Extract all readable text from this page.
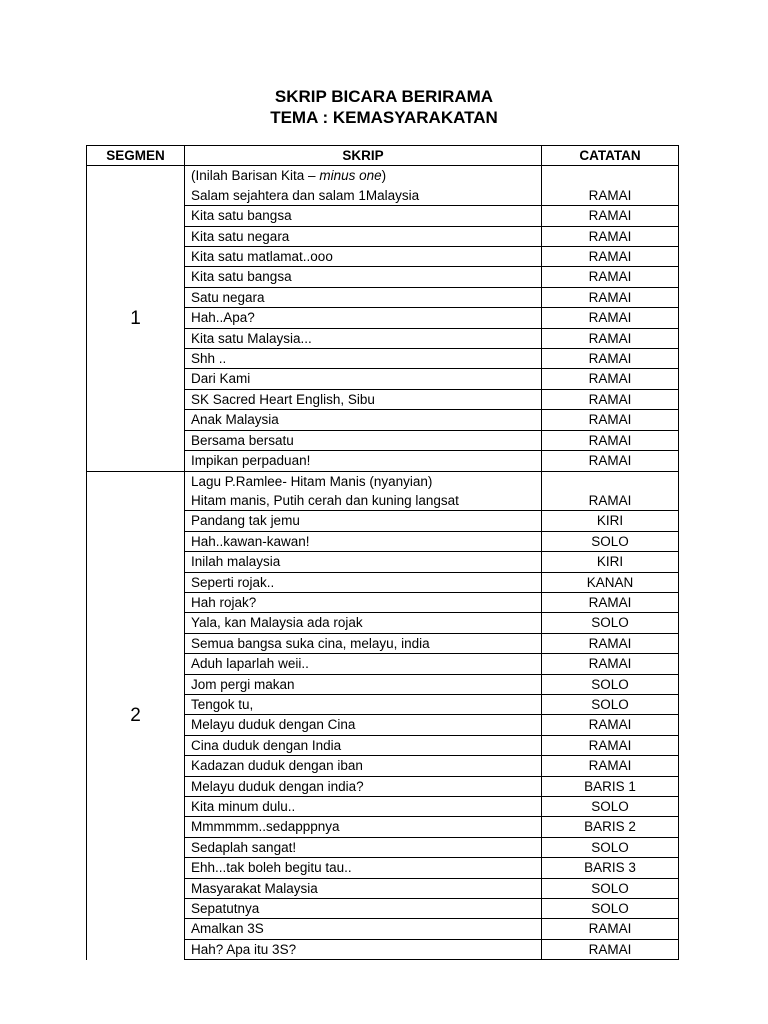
SKRIP BICARA BERIRAMA
TEMA : KEMASYARAKATAN
SEGMEN	SKRIP	CATATAN
1	(Inilah Barisan Kita – minus one)
Salam sejahtera dan salam 1Malaysia	RAMAI

	Kita satu bangsa	RAMAI
	Kita satu negara	RAMAI
	Kita satu matlamat..ooo	RAMAI
	Kita satu bangsa	RAMAI
	Satu negara	RAMAI
	Hah..Apa?	RAMAI
	Kita satu Malaysia...	RAMAI
	Shh ..	RAMAI
	Dari Kami	RAMAI
	SK Sacred Heart English, Sibu	RAMAI
	Anak Malaysia	RAMAI
	Bersama bersatu	RAMAI
	Impikan perpaduan!	RAMAI
2	Lagu P.Ramlee- Hitam Manis (nyanyian)
Hitam manis, Putih cerah dan kuning langsat	RAMAI

	Pandang tak jemu	KIRI
	Hah..kawan-kawan!	SOLO
	Inilah malaysia	KIRI
	Seperti rojak..	KANAN
	Hah rojak?	RAMAI
	Yala, kan Malaysia ada rojak	SOLO
	Semua bangsa suka cina, melayu, india	RAMAI
	Aduh laparlah weii..	RAMAI
	Jom pergi makan	SOLO
	Tengok tu,	SOLO
	Melayu duduk dengan Cina	RAMAI
	Cina duduk dengan India	RAMAI
	Kadazan duduk dengan iban	RAMAI
	Melayu duduk dengan india?	BARIS 1
	Kita minum dulu..	SOLO
	Mmmmmm..sedapppnya	BARIS 2
	Sedaplah sangat!	SOLO
	Ehh...tak boleh begitu tau..	BARIS 3
	Masyarakat Malaysia	SOLO
	Sepatutnya	SOLO
	Amalkan 3S	RAMAI
	Hah? Apa itu 3S?	RAMAI
